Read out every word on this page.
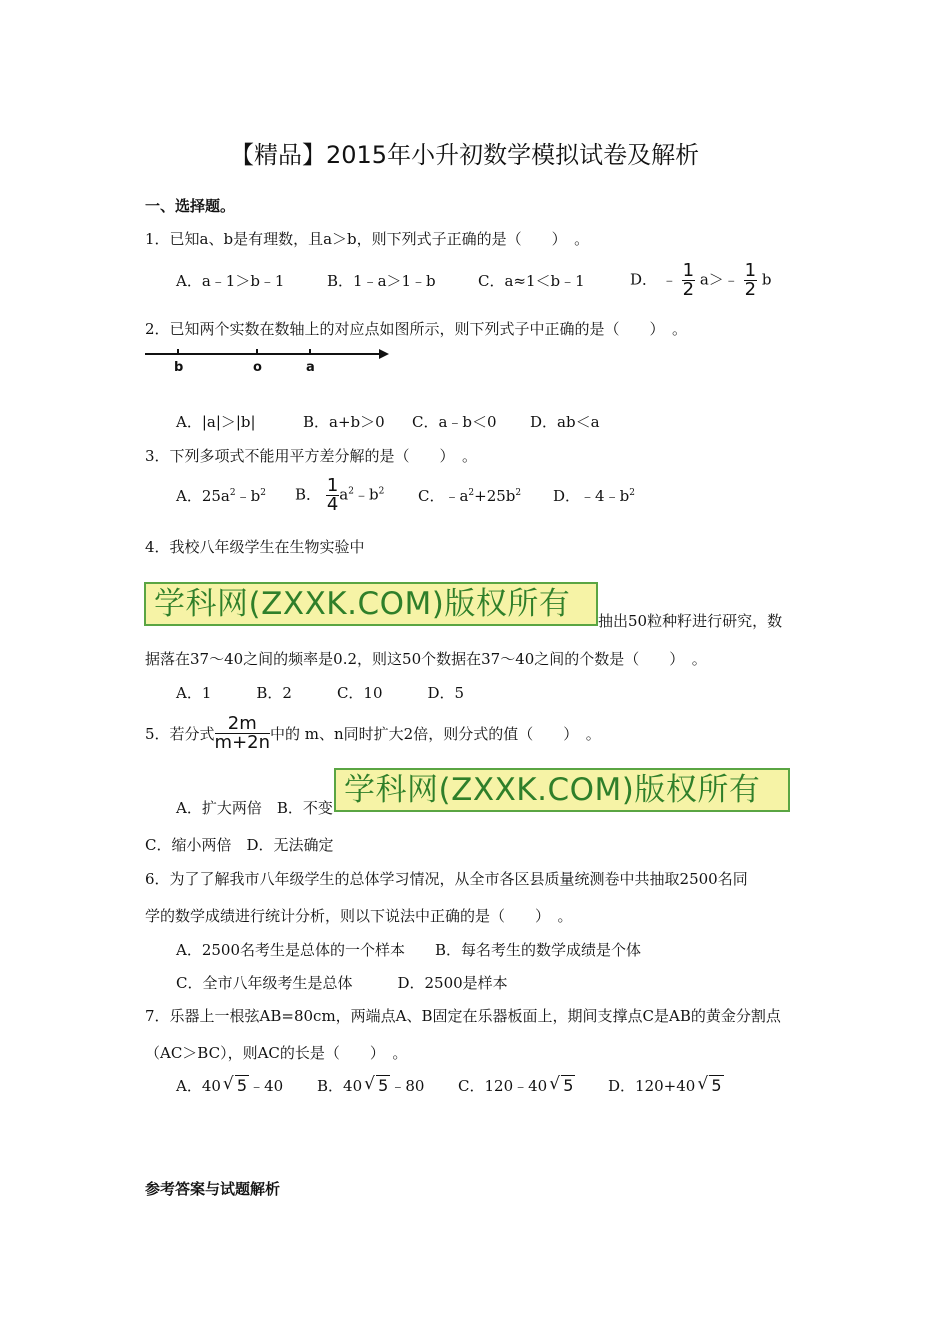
【精品】2015年小升初数学模拟试卷及解析
一、选择题。
1．已知a、b是有理数，且a＞b，则下列式子正确的是（　　）　。
A．a﹣1＞b﹣1	B．1﹣a＞1﹣b	C．a≈1＜b﹣1	D． ﹣ $\frac{1}{2}$ a＞﹣ $\frac{1}{2}$ b
2．已知两个实数在数轴上的对应点如图所示，则下列式子中正确的是（　　）　。
b	o	a
A．|a|＞|b|	B．a+b＞0 C．a﹣b＜0 D．ab＜a
3．下列多项式不能用平方差分解的是（　　）　。
A．$25a^2﹣b^2$ B． $\frac{1}{4}$ $a^2﹣b^2$ C．$﹣a^2+25b^2$ D．$﹣4﹣b^2$
4．我校八年级学生在生物实验中
学科网(ZXXK.COM)版权所有	抽出50粒种籽进行研究，数
据落在37～40之间的频率是0.2，则这50个数据在37～40之间的个数是（　　）　。
A．1　　　B．2　　　C．10　　　D．5
5．若分式 $\frac{2m}{m+2n}$ 中的 m、n同时扩大2倍，则分式的值（　　）　。
A．扩大两倍　B．不变 学科网(ZXXK.COM)版权所有
C．缩小两倍　D．无法确定
6．为了了解我市八年级学生的总体学习情况，从全市各区县质量统测卷中共抽取2500名同
学的数学成绩进行统计分析，则以下说法中正确的是（　　）　。
A．2500名考生是总体的一个样本　　B．每名考生的数学成绩是个体
C．全市八年级考生是总体　　　D．2500是样本
7．乐器上一根弦AB=80cm，两端点A、B固定在乐器板面上，期间支撑点C是AB的黄金分割点
（AC＞BC），则AC的长是（　　）　。
A．40 √ 5 ﹣40 B．40 √ 5 ﹣80 C．120﹣40 √ 5 D．120+40 √ 5
参考答案与试题解析
